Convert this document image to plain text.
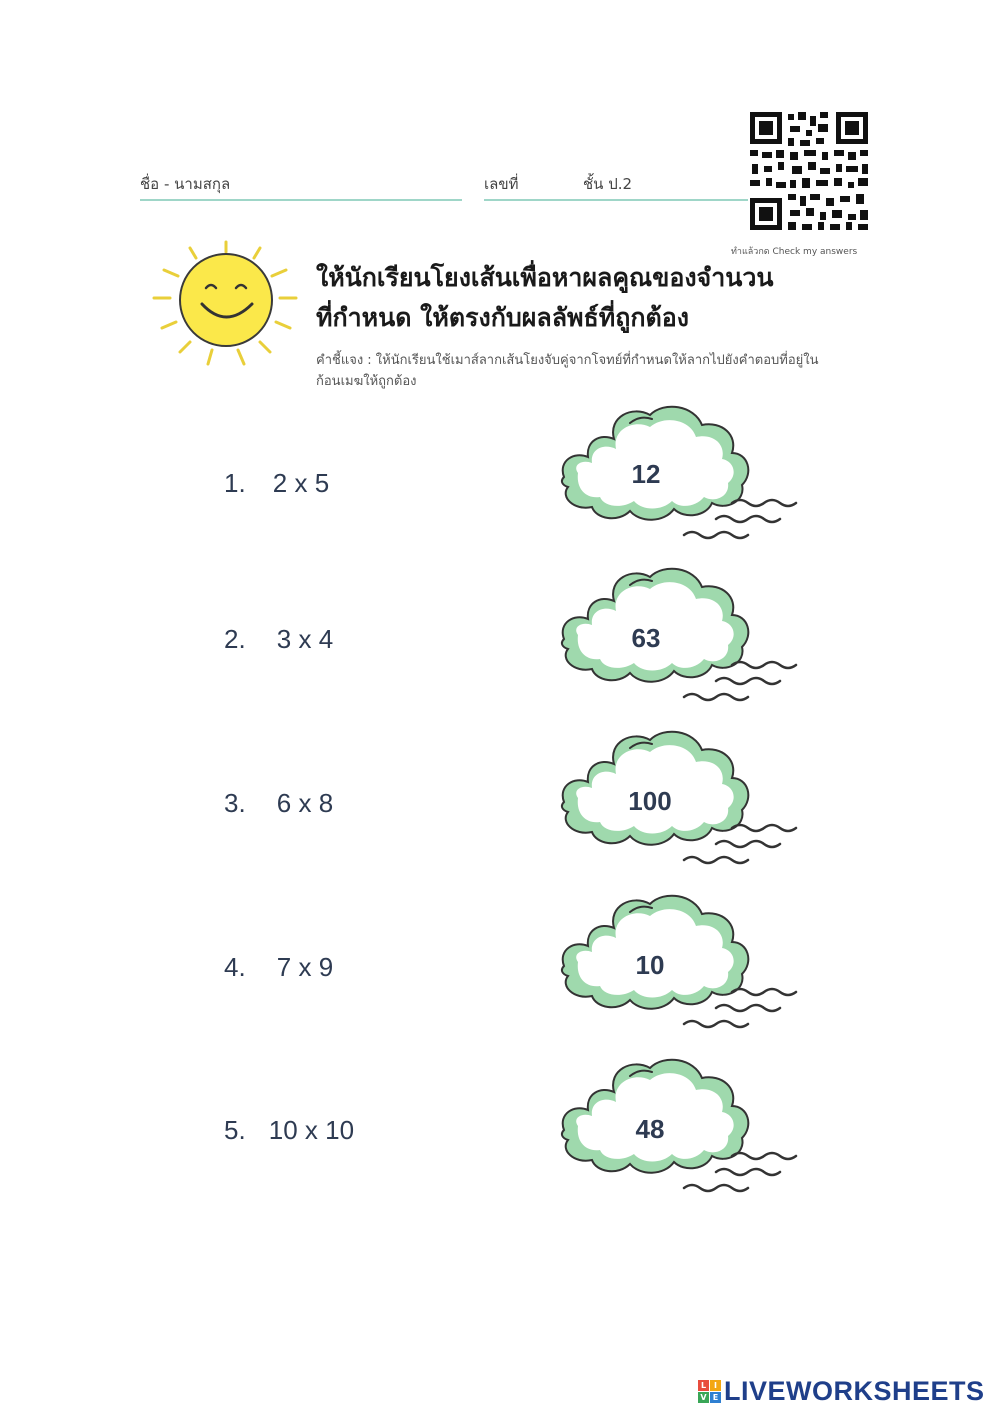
ชื่อ - นามสกุล	เลขที่	ชั้น ป.2
ทำแล้วกด Check my answers
ให้นักเรียนโยงเส้นเพื่อหาผลคูณของจำนวน
ที่กำหนด ให้ตรงกับผลลัพธ์ที่ถูกต้อง
คำชี้แจง : ให้นักเรียนใช้เมาส์ลากเส้นโยงจับคู่จากโจทย์ที่กำหนดให้ลากไปยังคำตอบที่อยู่ใน
ก้อนเมฆให้ถูกต้อง
1. 2 x 5
2. 3 x 4
3. 6 x 8
4. 7 x 9
5. 10 x 10
12
63
100
10
48
L I
V E LIVEWORKSHEETS
